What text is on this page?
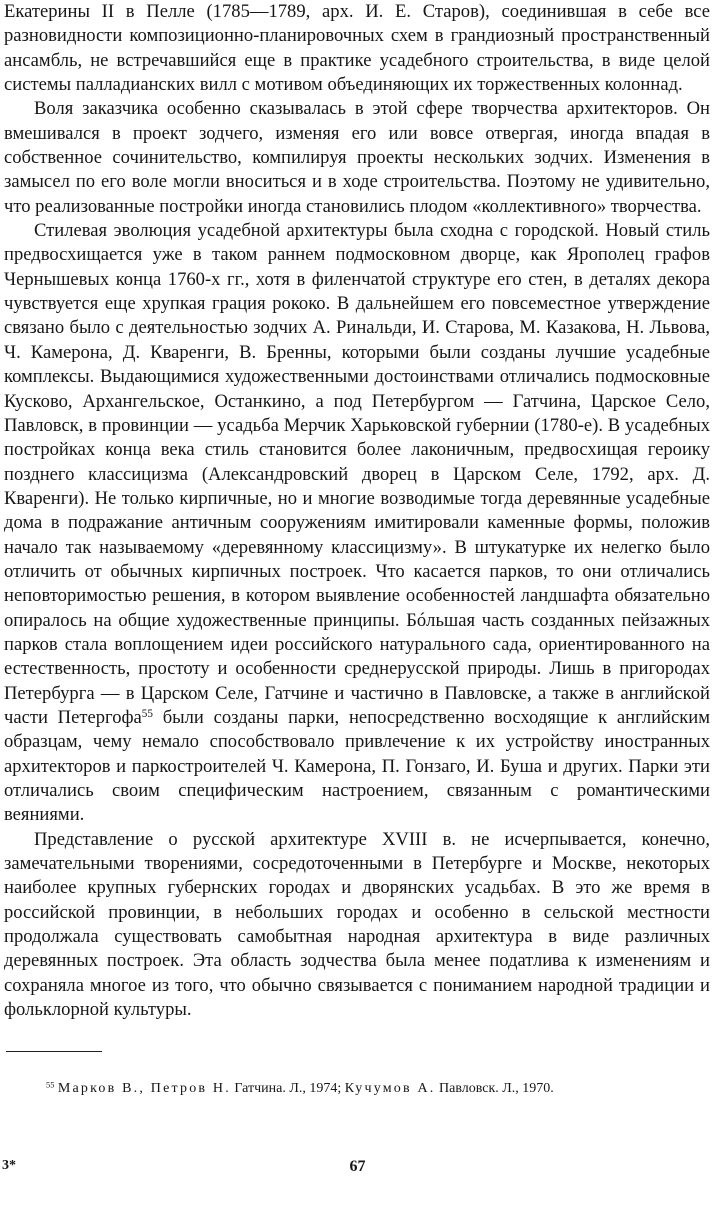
Екатерины II в Пелле (1785—1789, арх. И. Е. Старов), соединившая в себе все разновидности композиционно-планировочных схем в грандиозный пространственный ансамбль, не встречавшийся еще в практике усадебного строительства, в виде целой системы палладианских вилл с мотивом объединяющих их торжественных колоннад.

Воля заказчика особенно сказывалась в этой сфере творчества архитекторов. Он вмешивался в проект зодчего, изменяя его или вовсе отвергая, иногда впадая в собственное сочинительство, компилируя проекты нескольких зодчих. Изменения в замысел по его воле могли вноситься и в ходе строительства. Поэтому не удивительно, что реализованные постройки иногда становились плодом «коллективного» творчества.

Стилевая эволюция усадебной архитектуры была сходна с городской. Новый стиль предвосхищается уже в таком раннем подмосковном дворце, как Ярополец графов Чернышевых конца 1760-х гг., хотя в филенчатой структуре его стен, в деталях декора чувствуется еще хрупкая грация рококо. В дальнейшем его повсеместное утверждение связано было с деятельностью зодчих А. Ринальди, И. Старова, М. Казакова, Н. Львова, Ч. Камерона, Д. Кваренги, В. Бренны, которыми были созданы лучшие усадебные комплексы. Выдающимися художественными достоинствами отличались подмосковные Кусково, Архангельское, Останкино, а под Петербургом — Гатчина, Царское Село, Павловск, в провинции — усадьба Мерчик Харьковской губернии (1780-е). В усадебных постройках конца века стиль становится более лаконичным, предвосхищая героику позднего классицизма (Александровский дворец в Царском Селе, 1792, арх. Д. Кваренги). Не только кирпичные, но и многие возводимые тогда деревянные усадебные дома в подражание античным сооружениям имитировали каменные формы, положив начало так называемому «деревянному классицизму». В штукатурке их нелегко было отличить от обычных кирпичных построек. Что касается парков, то они отличались неповторимостью решения, в котором выявление особенностей ландшафта обязательно опиралось на общие художественные принципы. Бóльшая часть созданных пейзажных парков стала воплощением идеи российского натурального сада, ориентированного на естественность, простоту и особенности среднерусской природы. Лишь в пригородах Петербурга — в Царском Селе, Гатчине и частично в Павловске, а также в английской части Петергофа$^{55}$ были созданы парки, непосредственно восходящие к английским образцам, чему немало способствовало привлечение к их устройству иностранных архитекторов и паркостроителей Ч. Камерона, П. Гонзаго, И. Буша и других. Парки эти отличались своим специфическим настроением, связанным с романтическими веяниями.

Представление о русской архитектуре XVIII в. не исчерпывается, конечно, замечательными творениями, сосредоточенными в Петербурге и Москве, некоторых наиболее крупных губернских городах и дворянских усадьбах. В это же время в российской провинции, в небольших городах и особенно в сельской местности продолжала существовать самобытная народная архитектура в виде различных деревянных построек. Эта область зодчества была менее податлива к изменениям и сохраняла многое из того, что обычно связывается с пониманием народной традиции и фольклорной культуры.

$^{55}$ Марков В., Петров Н. Гатчина. Л., 1974; Кучумов А. Павловск. Л., 1970.

3*	67
